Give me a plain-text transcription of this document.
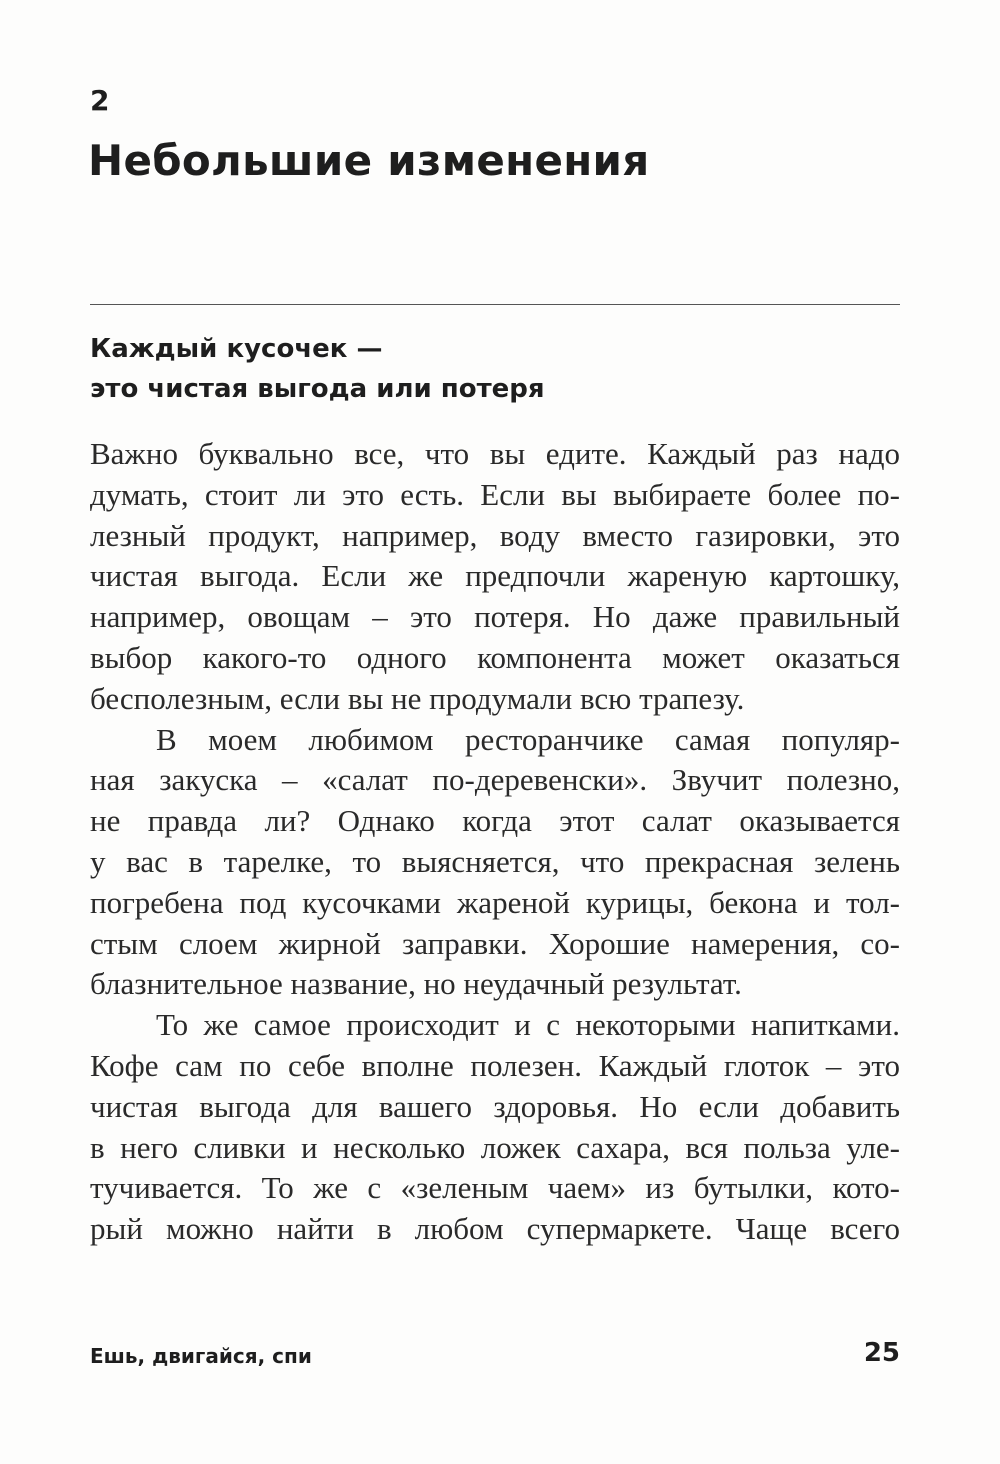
2
Небольшие изменения
Каждый кусочек —
это чистая выгода или потеря
Важно буквально все, что вы едите. Каждый раз надо
думать, стоит ли это есть. Если вы выбираете более по-
лезный продукт, например, воду вместо газировки, это
чистая выгода. Если же предпочли жареную картошку,
например, овощам – это потеря. Но даже правильный
выбор какого-то одного компонента может оказаться
бесполезным, если вы не продумали всю трапезу.
В моем любимом ресторанчике самая популяр-
ная закуска – «салат по-деревенски». Звучит полезно,
не правда ли? Однако когда этот салат оказывается
у вас в тарелке, то выясняется, что прекрасная зелень
погребена под кусочками жареной курицы, бекона и тол-
стым слоем жирной заправки. Хорошие намерения, со-
блазнительное название, но неудачный результат.
То же самое происходит и с некоторыми напитками.
Кофе сам по себе вполне полезен. Каждый глоток – это
чистая выгода для вашего здоровья. Но если добавить
в него сливки и несколько ложек сахара, вся польза уле-
тучивается. То же с «зеленым чаем» из бутылки, кото-
рый можно найти в любом супермаркете. Чаще всего
Ешь, двигайся, спи	25
